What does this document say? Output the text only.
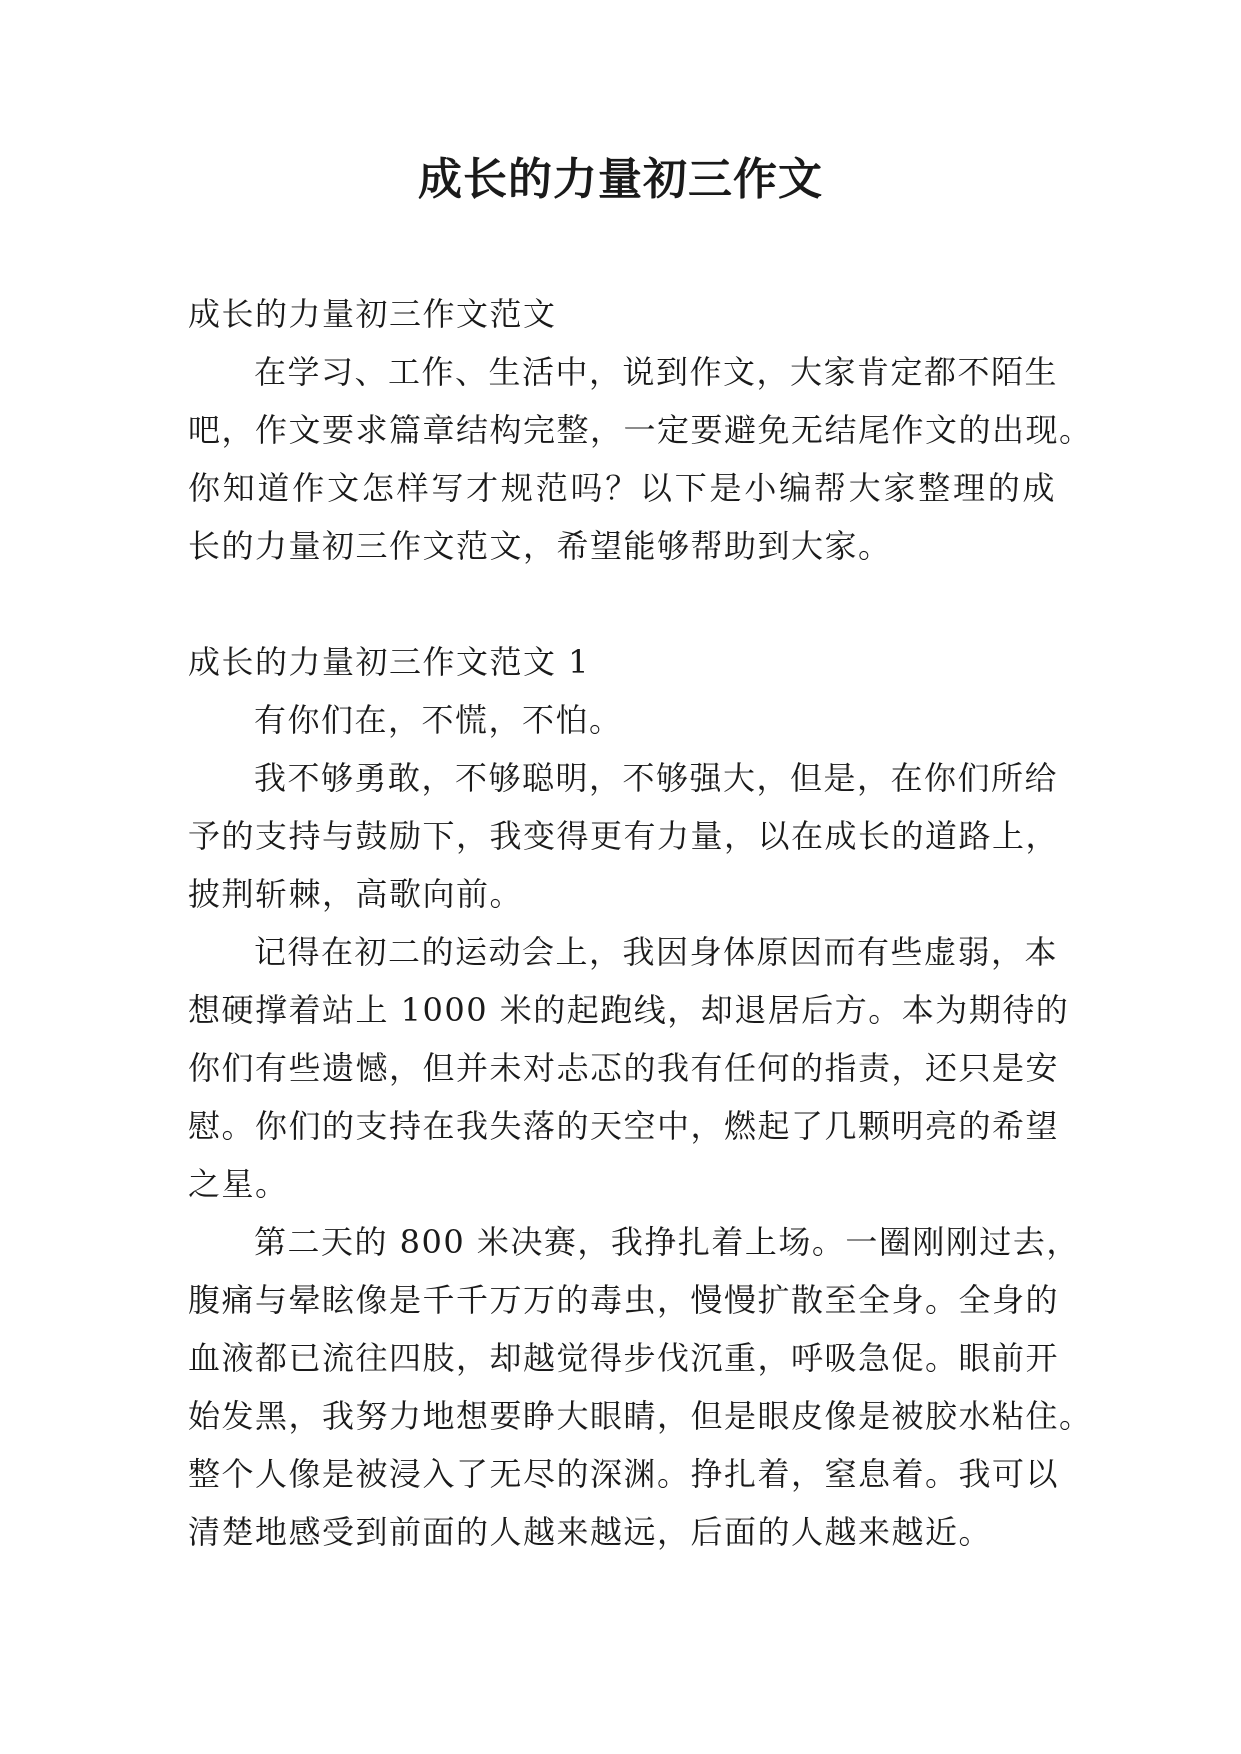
成长的力量初三作文
成长的力量初三作文范文
在学习、工作、生活中，说到作文，大家肯定都不陌生
吧，作文要求篇章结构完整，一定要避免无结尾作文的出现。
你知道作文怎样写才规范吗？以下是小编帮大家整理的成
长的力量初三作文范文，希望能够帮助到大家。
成长的力量初三作文范文 1
有你们在，不慌，不怕。
我不够勇敢，不够聪明，不够强大，但是，在你们所给
予的支持与鼓励下，我变得更有力量，以在成长的道路上，
披荆斩棘，高歌向前。
记得在初二的运动会上，我因身体原因而有些虚弱，本
想硬撑着站上 1000 米的起跑线，却退居后方。本为期待的
你们有些遗憾，但并未对忐忑的我有任何的指责，还只是安
慰。你们的支持在我失落的天空中，燃起了几颗明亮的希望
之星。
第二天的 800 米决赛，我挣扎着上场。一圈刚刚过去，
腹痛与晕眩像是千千万万的毒虫，慢慢扩散至全身。全身的
血液都已流往四肢，却越觉得步伐沉重，呼吸急促。眼前开
始发黑，我努力地想要睁大眼睛，但是眼皮像是被胶水粘住。
整个人像是被浸入了无尽的深渊。挣扎着，窒息着。我可以
清楚地感受到前面的人越来越远，后面的人越来越近。
